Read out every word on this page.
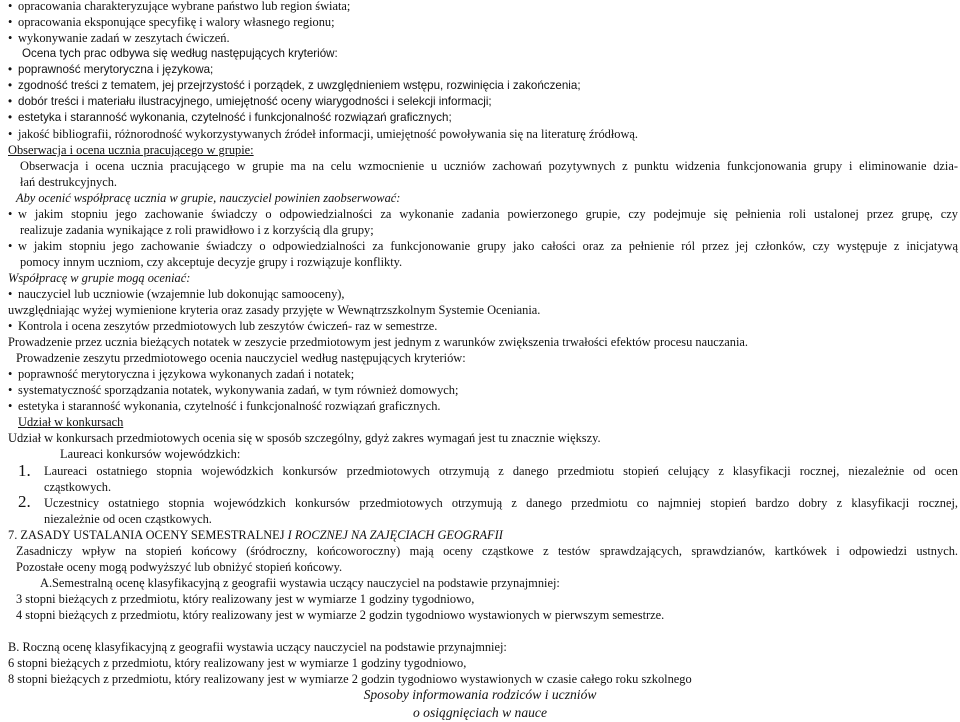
• opracowania charakteryzujące wybrane państwo lub region świata;
• opracowania eksponujące specyfikę i walory własnego regionu;
• wykonywanie zadań w zeszytach ćwiczeń.
Ocena tych prac odbywa się według następujących kryteriów:
• poprawność merytoryczna i językowa;
• zgodność treści z tematem, jej przejrzystość i porządek, z uwzględnieniem wstępu, rozwinięcia i zakończenia;
• dobór treści i materiału ilustracyjnego, umiejętność oceny wiarygodności i selekcji informacji;
• estetyka i staranność wykonania, czytelność i funkcjonalność rozwiązań graficznych;
• jakość bibliografii, różnorodność wykorzystywanych źródeł informacji, umiejętność powoływania się na literaturę źródłową.
Obserwacja i ocena ucznia pracującego w grupie:
Obserwacja i ocena ucznia pracującego w grupie ma na celu wzmocnienie u uczniów zachowań pozytywnych z punktu widzenia funkcjonowania grupy i eliminowanie dzia-
łań destrukcyjnych.
Aby ocenić współpracę ucznia w grupie, nauczyciel powinien zaobserwować:
• w jakim stopniu jego zachowanie świadczy o odpowiedzialności za wykonanie zadania powierzonego grupie, czy podejmuje się pełnienia roli ustalonej przez grupę, czy
realizuje zadania wynikające z roli prawidłowo i z korzyścią dla grupy;
• w jakim stopniu jego zachowanie świadczy o odpowiedzialności za funkcjonowanie grupy jako całości oraz za pełnienie ról przez jej członków, czy występuje z inicjatywą
pomocy innym uczniom, czy akceptuje decyzje grupy i rozwiązuje konflikty.
Współpracę w grupie mogą oceniać:
• nauczyciel lub uczniowie (wzajemnie lub dokonując samooceny),
uwzględniając wyżej wymienione kryteria oraz zasady przyjęte w Wewnątrzszkolnym Systemie Oceniania.
• Kontrola i ocena zeszytów przedmiotowych lub zeszytów ćwiczeń- raz w semestrze.
Prowadzenie przez ucznia bieżących notatek w zeszycie przedmiotowym jest jednym z warunków zwiększenia trwałości efektów procesu nauczania.
Prowadzenie zeszytu przedmiotowego ocenia nauczyciel według następujących kryteriów:
• poprawność merytoryczna i językowa wykonanych zadań i notatek;
• systematyczność sporządzania notatek, wykonywania zadań, w tym również domowych;
• estetyka i staranność wykonania, czytelność i funkcjonalność rozwiązań graficznych.
Udział w konkursach
Udział w konkursach przedmiotowych ocenia się w sposób szczególny, gdyż zakres wymagań jest tu znacznie większy.
Laureaci konkursów wojewódzkich:
1. Laureaci ostatniego stopnia wojewódzkich konkursów przedmiotowych otrzymują z danego przedmiotu stopień celujący z klasyfikacji rocznej, niezależnie od ocen
cząstkowych.
2. Uczestnicy ostatniego stopnia wojewódzkich konkursów przedmiotowych otrzymują z danego przedmiotu co najmniej stopień bardzo dobry z klasyfikacji rocznej,
niezależnie od ocen cząstkowych.
7. ZASADY USTALANIA OCENY SEMESTRALNEJ I ROCZNEJ NA ZAJĘCIACH GEOGRAFII
Zasadniczy wpływ na stopień końcowy (śródroczny, końcoworoczny) mają oceny cząstkowe z testów sprawdzających, sprawdzianów, kartkówek i odpowiedzi ustnych.
Pozostałe oceny mogą podwyższyć lub obniżyć stopień końcowy.
A.Semestralną ocenę klasyfikacyjną z geografii wystawia uczący nauczyciel na podstawie przynajmniej:
3 stopni bieżących z przedmiotu, który realizowany jest w wymiarze 1 godziny tygodniowo,
4 stopni bieżących z przedmiotu, który realizowany jest w wymiarze 2 godzin tygodniowo wystawionych w pierwszym semestrze.
B. Roczną ocenę klasyfikacyjną z geografii wystawia uczący nauczyciel na podstawie przynajmniej:
6 stopni bieżących z przedmiotu, który realizowany jest w wymiarze 1 godziny tygodniowo,
8 stopni bieżących z przedmiotu, który realizowany jest w wymiarze 2 godzin tygodniowo wystawionych w czasie całego roku szkolnego
Sposoby informowania rodziców i uczniów
o osiągnięciach w nauce
